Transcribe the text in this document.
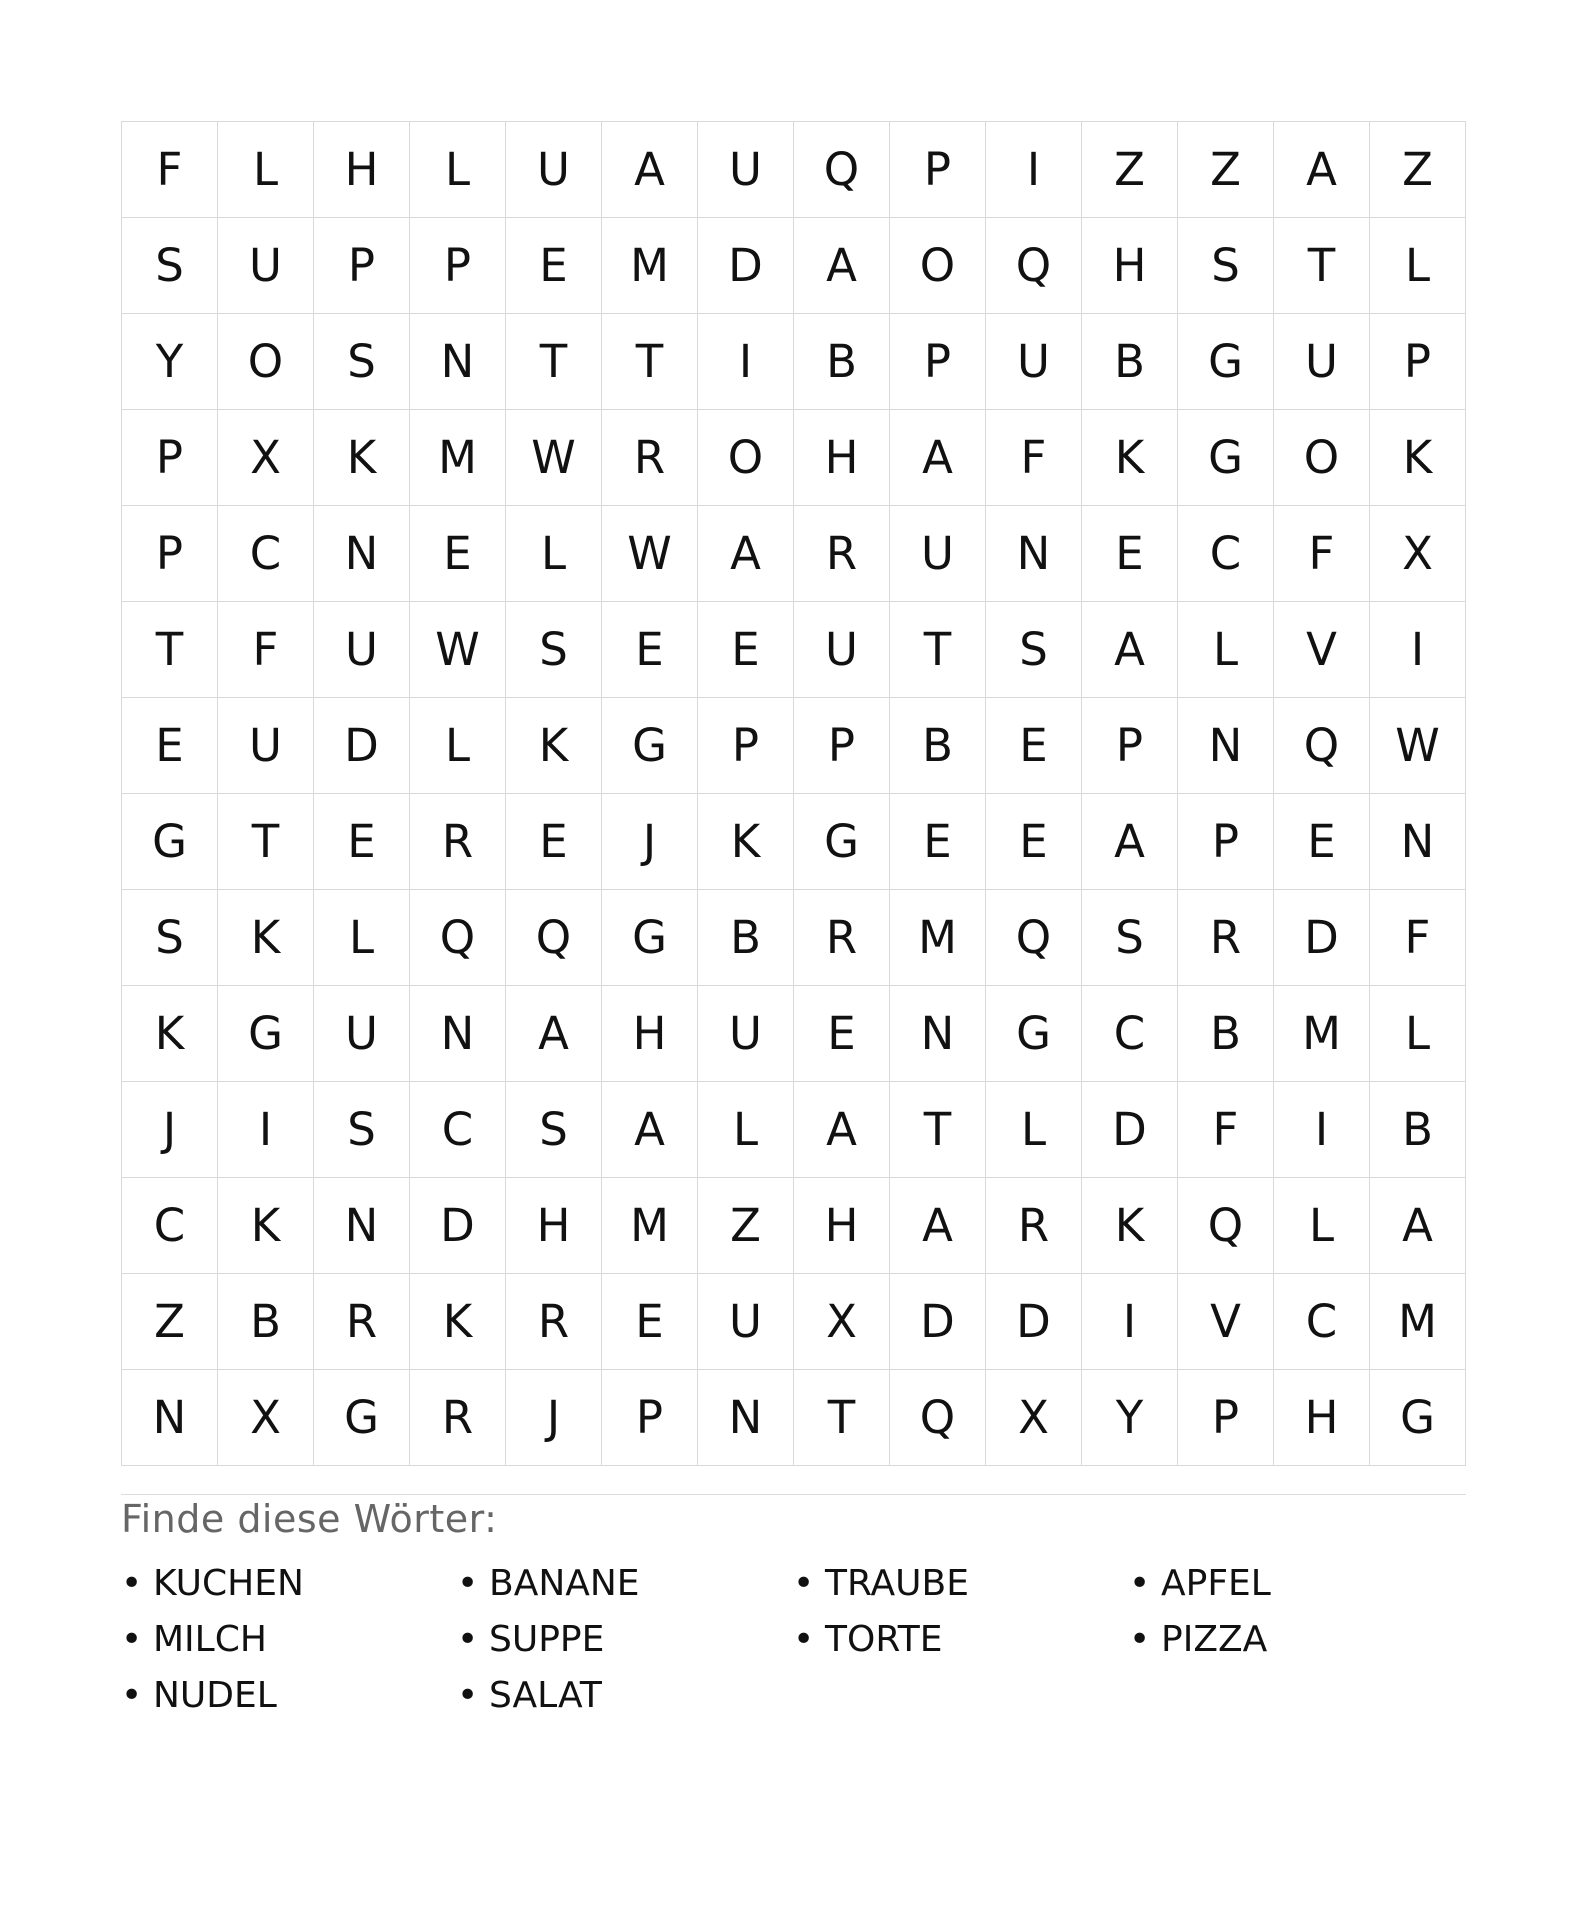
F	L	H	L	U	A	U	Q	P	I	Z	Z	A	Z
S	U	P	P	E	M	D	A	O	Q	H	S	T	L
Y	O	S	N	T	T	I	B	P	U	B	G	U	P
P	X	K	M	W	R	O	H	A	F	K	G	O	K
P	C	N	E	L	W	A	R	U	N	E	C	F	X
T	F	U	W	S	E	E	U	T	S	A	L	V	I
E	U	D	L	K	G	P	P	B	E	P	N	Q	W
G	T	E	R	E	J	K	G	E	E	A	P	E	N
S	K	L	Q	Q	G	B	R	M	Q	S	R	D	F
K	G	U	N	A	H	U	E	N	G	C	B	M	L
J	I	S	C	S	A	L	A	T	L	D	F	I	B
C	K	N	D	H	M	Z	H	A	R	K	Q	L	A
Z	B	R	K	R	E	U	X	D	D	I	V	C	M
N	X	G	R	J	P	N	T	Q	X	Y	P	H	G
Finde diese Wörter:
• KUCHEN	• BANANE	• TRAUBE	• APFEL
• MILCH	• SUPPE	• TORTE	• PIZZA
• NUDEL	• SALAT
